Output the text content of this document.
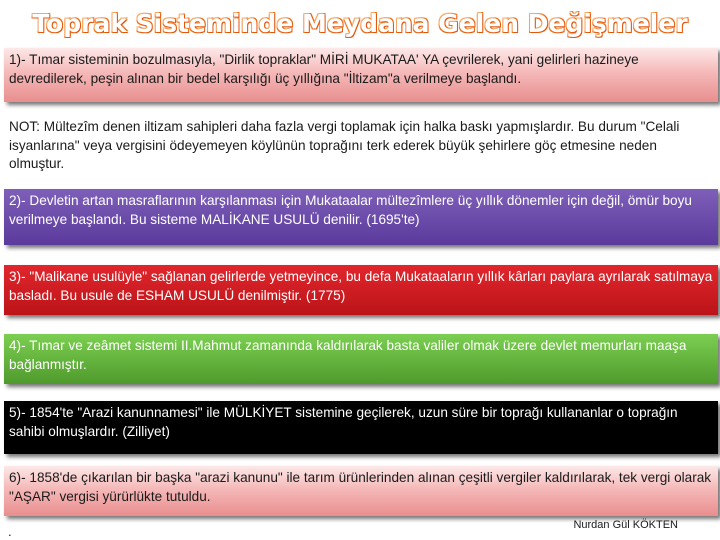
Toprak Sisteminde Meydana Gelen Değişmeler
1)- Tımar sisteminin bozulmasıyla, "Dirlik topraklar" MİRİ MUKATAA' YA çevrilerek, yani gelirleri hazineye devredilerek, peşin alınan bir bedel karşılığı üç yıllığına "İltizam"a verilmeye başlandı.
NOT: Mültezîm denen iltizam sahipleri daha fazla vergi toplamak için halka baskı yapmışlardır. Bu durum "Celali isyanlarına" veya vergisini ödeyemeyen köylünün toprağını terk ederek büyük şehirlere göç etmesine neden olmuştur.
2)- Devletin artan masraflarının karşılanması için Mukataalar mültezîmlere üç yıllık dönemler için değil, ömür boyu verilmeye başlandı. Bu sisteme MALİKANE USULÜ denilir. (1695'te)
3)- "Malikane usulüyle" sağlanan gelirlerde yetmeyince, bu defa Mukataaların yıllık kârları paylara ayrılarak satılmaya basladı. Bu usule de ESHAM USULÜ denilmiştir. (1775)
4)- Tımar ve zeâmet sistemi II.Mahmut zamanında kaldırılarak basta valiler olmak üzere devlet memurları maaşa bağlanmıştır.
5)- 1854'te "Arazi kanunnamesi" ile MÜLKİYET sistemine geçilerek, uzun süre bir toprağı kullananlar o toprağın sahibi olmuşlardır. (Zilliyet)
6)- 1858'de çıkarılan bir başka "arazi kanunu" ile tarım ürünlerinden alınan çeşitli vergiler kaldırılarak, tek vergi olarak "AŞAR" vergisi yürürlükte tutuldu.
Nurdan Gül KÖKTEN
.
